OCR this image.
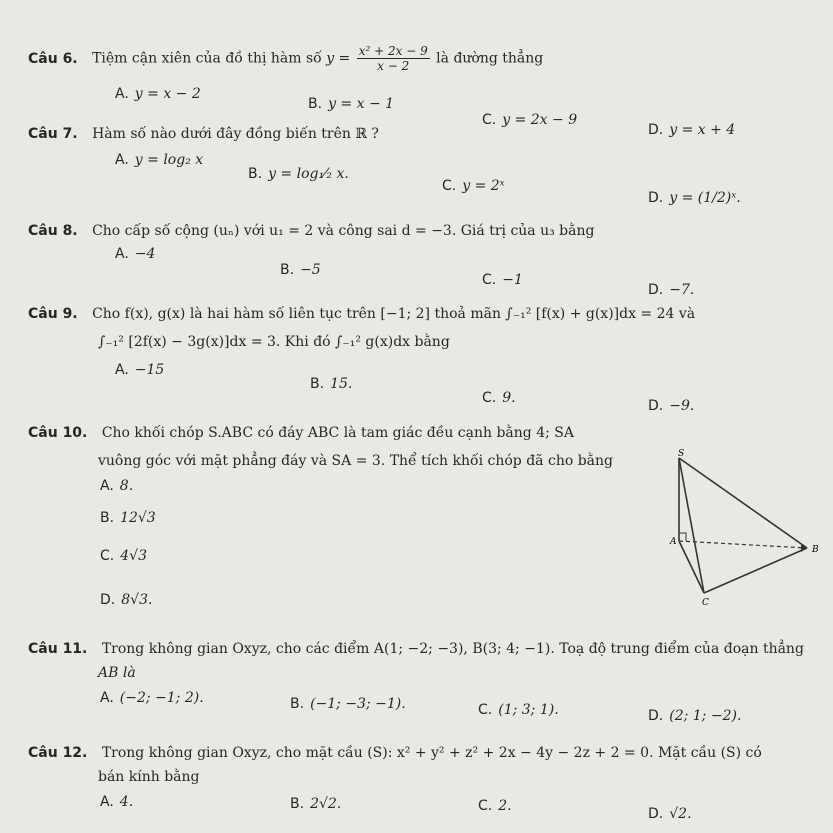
Câu 6. Tiệm cận xiên của đồ thị hàm số $y = \frac{\text{x² + 2x − 9}}{x - 2}$ là đường thẳng
A. y = x − 2
B. y = x − 1
C. y = 2x − 9
D. y = x + 4
Câu 7. Hàm số nào dưới đây đồng biến trên ℝ ?
A. y = log₂ x
B. y = log₁⁄₂ x.
C. y = 2ˣ
D. y = (1/2)ˣ.
Câu 8. Cho cấp số cộng (uₙ) với u₁ = 2 và công sai d = −3. Giá trị của u₃ bằng
A. −4
B. −5
C. −1
D. −7.
Câu 9. Cho f(x), g(x) là hai hàm số liên tục trên [−1; 2] thoả mãn ∫₋₁² [f(x) + g(x)]dx = 24 và
∫₋₁² [2f(x) − 3g(x)]dx = 3. Khi đó ∫₋₁² g(x)dx bằng
A. −15
B. 15.
C. 9.	D. −9.
Câu 10. Cho khối chóp S.ABC có đáy ABC là tam giác đều cạnh bằng 4; SA
vuông góc với mặt phẳng đáy và SA = 3. Thể tích khối chóp đã cho bằng
A. 8.
B. 12√3
C. 4√3
D. 8√3.
S
A
B
C
Câu 11. Trong không gian Oxyz, cho các điểm A(1; −2; −3), B(3; 4; −1). Toạ độ trung điểm của đoạn thẳng
AB là
A. (−2; −1; 2).	B. (−1; −3; −1).	C. (1; 3; 1).	D. (2; 1; −2).
Câu 12. Trong không gian Oxyz, cho mặt cầu (S): x² + y² + z² + 2x − 4y − 2z + 2 = 0. Mặt cầu (S) có
bán kính bằng
A. 4.	B. 2√2.	C. 2.	D. √2.
